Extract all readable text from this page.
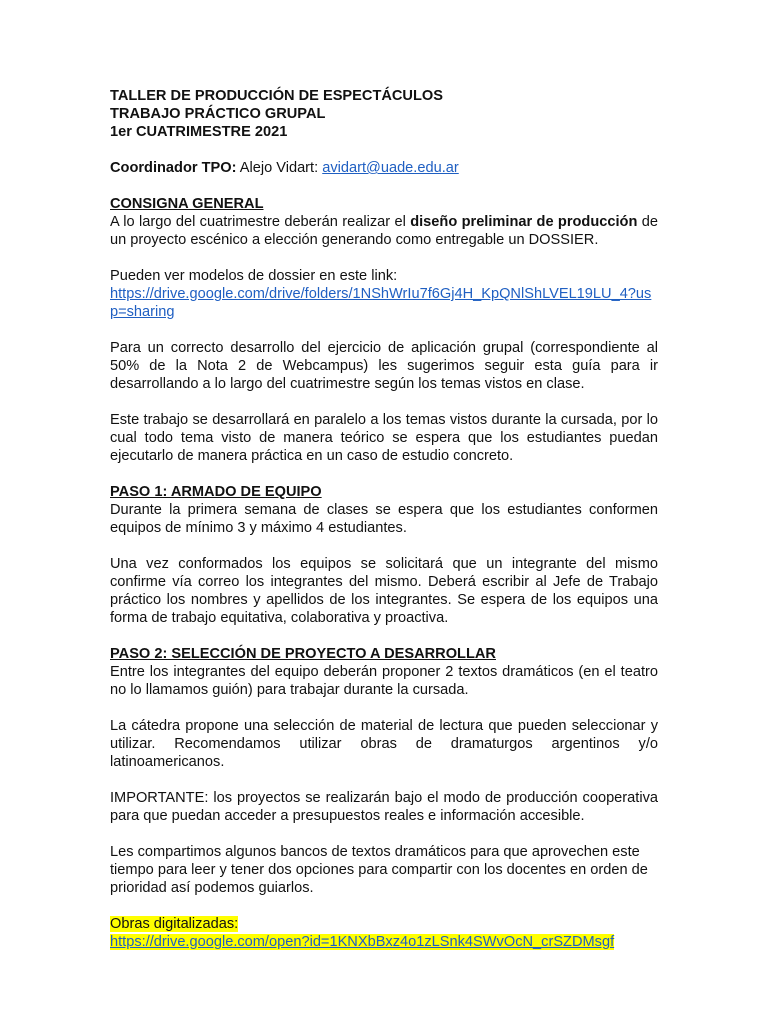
TALLER DE PRODUCCIÓN DE ESPECTÁCULOS

TRABAJO PRÁCTICO GRUPAL

1er CUATRIMESTRE 2021

Coordinador TPO: Alejo Vidart: avidart@uade.edu.ar

CONSIGNA GENERAL

A lo largo del cuatrimestre deberán realizar el diseño preliminar de producción de un proyecto escénico a elección generando como entregable un DOSSIER.

Pueden ver modelos de dossier en este link:

https://drive.google.com/drive/folders/1NShWrIu7f6Gj4H_KpQNlShLVEL19LU_4?usp=sharing

Para un correcto desarrollo del ejercicio de aplicación grupal (correspondiente al 50% de la Nota 2 de Webcampus) les sugerimos seguir esta guía para ir desarrollando a lo largo del cuatrimestre según los temas vistos en clase.

Este trabajo se desarrollará en paralelo a los temas vistos durante la cursada, por lo cual todo tema visto de manera teórico se espera que los estudiantes puedan ejecutarlo de manera práctica en un caso de estudio concreto.

PASO 1: ARMADO DE EQUIPO

Durante la primera semana de clases se espera que los estudiantes conformen equipos de mínimo 3 y máximo 4 estudiantes.

Una vez conformados los equipos se solicitará que un integrante del mismo confirme vía correo los integrantes del mismo. Deberá escribir al Jefe de Trabajo práctico los nombres y apellidos de los integrantes. Se espera de los equipos una forma de trabajo equitativa, colaborativa y proactiva.

PASO 2: SELECCIÓN DE PROYECTO A DESARROLLAR

Entre los integrantes del equipo deberán proponer 2 textos dramáticos (en el teatro no lo llamamos guión) para trabajar durante la cursada.

La cátedra propone una selección de material de lectura que pueden seleccionar y utilizar. Recomendamos utilizar obras de dramaturgos argentinos y/o latinoamericanos.

IMPORTANTE: los proyectos se realizarán bajo el modo de producción cooperativa para que puedan acceder a presupuestos reales e información accesible.

Les compartimos algunos bancos de textos dramáticos para que aprovechen este tiempo para leer y tener dos opciones para compartir con los docentes en orden de prioridad así podemos guiarlos.

Obras digitalizadas:

https://drive.google.com/open?id=1KNXbBxz4o1zLSnk4SWvOcN_crSZDMsgf
